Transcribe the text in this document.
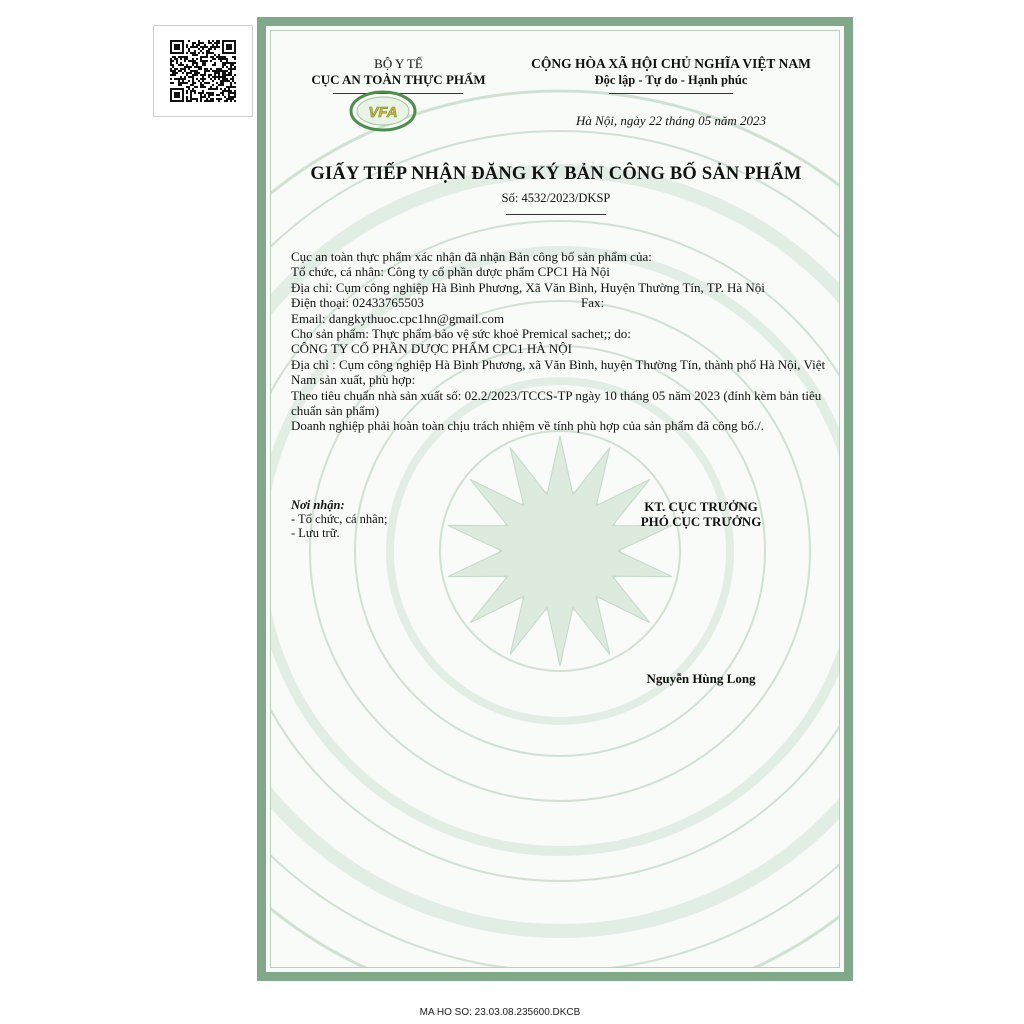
BỘ Y TẾ
CỤC AN TOÀN THỰC PHẨM
VFA
CỘNG HÒA XÃ HỘI CHỦ NGHĨA VIỆT NAM
Độc lập - Tự do - Hạnh phúc
Hà Nội, ngày 22 tháng 05 năm 2023
GIẤY TIẾP NHẬN ĐĂNG KÝ BẢN CÔNG BỐ SẢN PHẨM
Số: 4532/2023/DKSP

Cục an toàn thực phẩm xác nhận đã nhận Bản công bố sản phẩm của:

Tổ chức, cá nhân: Công ty cổ phần dược phẩm CPC1 Hà Nội

Địa chỉ: Cụm công nghiệp Hà Bình Phương, Xã Văn Bình, Huyện Thường Tín, TP. Hà Nội

Điện thoại: 02433765503	Fax:

Email: dangkythuoc.cpc1hn@gmail.com

Cho sản phẩm: Thực phẩm bảo vệ sức khoẻ Premical sachet;; do:

CÔNG TY CỔ PHẦN DƯỢC PHẨM CPC1 HÀ NỘI

Địa chỉ : Cụm công nghiệp Hà Bình Phương, xã Văn Bình, huyện Thường Tín, thành phố Hà Nội, Việt Nam sản xuất, phù hợp:

Theo tiêu chuẩn nhà sản xuất số: 02.2/2023/TCCS-TP ngày 10 tháng 05 năm 2023 (đính kèm bản tiêu chuẩn sản phẩm)

Doanh nghiệp phải hoàn toàn chịu trách nhiệm về tính phù hợp của sản phẩm đã công bố./.

Nơi nhận:
- Tổ chức, cá nhân;
- Lưu trữ.
KT. CỤC TRƯỞNG
PHÓ CỤC TRƯỞNG
Nguyễn Hùng Long
MA HO SO: 23.03.08.235600.DKCB
